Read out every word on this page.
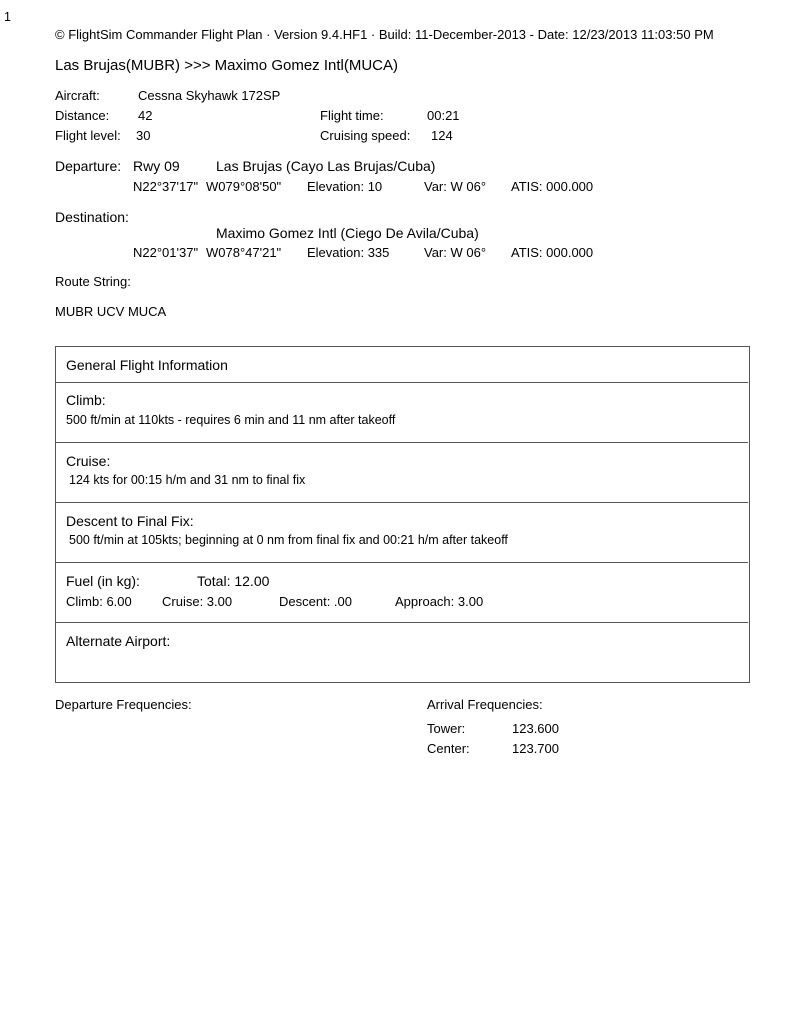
1
© FlightSim Commander Flight Plan · Version 9.4.HF1 · Build: 11-December-2013 - Date: 12/23/2013 11:03:50 PM
Las Brujas(MUBR) >>> Maximo Gomez Intl(MUCA)
Aircraft:	Cessna Skyhawk 172SP
Distance: 42	Flight time:	00:21
Flight level: 30	Cruising speed: 124
Departure: Rwy 09	Las Brujas (Cayo Las Brujas/Cuba)
N22°37'17" W079°08'50" Elevation: 10	Var: W 06° ATIS: 000.000
Destination:
Maximo Gomez Intl (Ciego De Avila/Cuba)
N22°01'37" W078°47'21" Elevation: 335	Var: W 06° ATIS: 000.000
Route String:
MUBR UCV MUCA
General Flight Information
Climb:
500 ft/min at 110kts - requires 6 min and 11 nm after takeoff
Cruise:
124 kts for 00:15 h/m and 31 nm to final fix
Descent to Final Fix:
500 ft/min at 105kts; beginning at 0 nm from final fix and 00:21 h/m after takeoff
Fuel (in kg):	Total: 12.00
Climb: 6.00 Cruise: 3.00	Descent: .00	Approach: 3.00
Alternate Airport:
Departure Frequencies:	Arrival Frequencies:
Tower:	123.600
Center:	123.700
